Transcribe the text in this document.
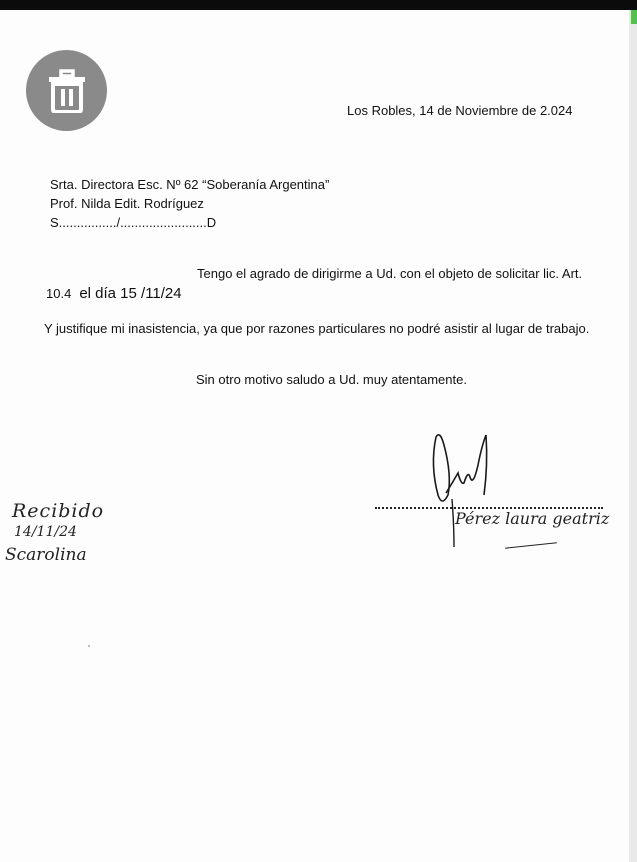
Los Robles, 14 de Noviembre de 2.024
Srta. Directora Esc. Nº 62 “Soberanía Argentina”
Prof. Nilda Edit. Rodríguez
S................/........................D
Tengo el agrado de dirigirme a Ud. con el objeto de solicitar lic. Art.
10.4 el día 15 /11/24
Y justifique mi inasistencia, ya que por razones particulares no podré asistir al lugar de trabajo.
Sin otro motivo saludo a Ud. muy atentamente.
Recibido
14/11/24
Scarolina
Pérez laura geatriz
